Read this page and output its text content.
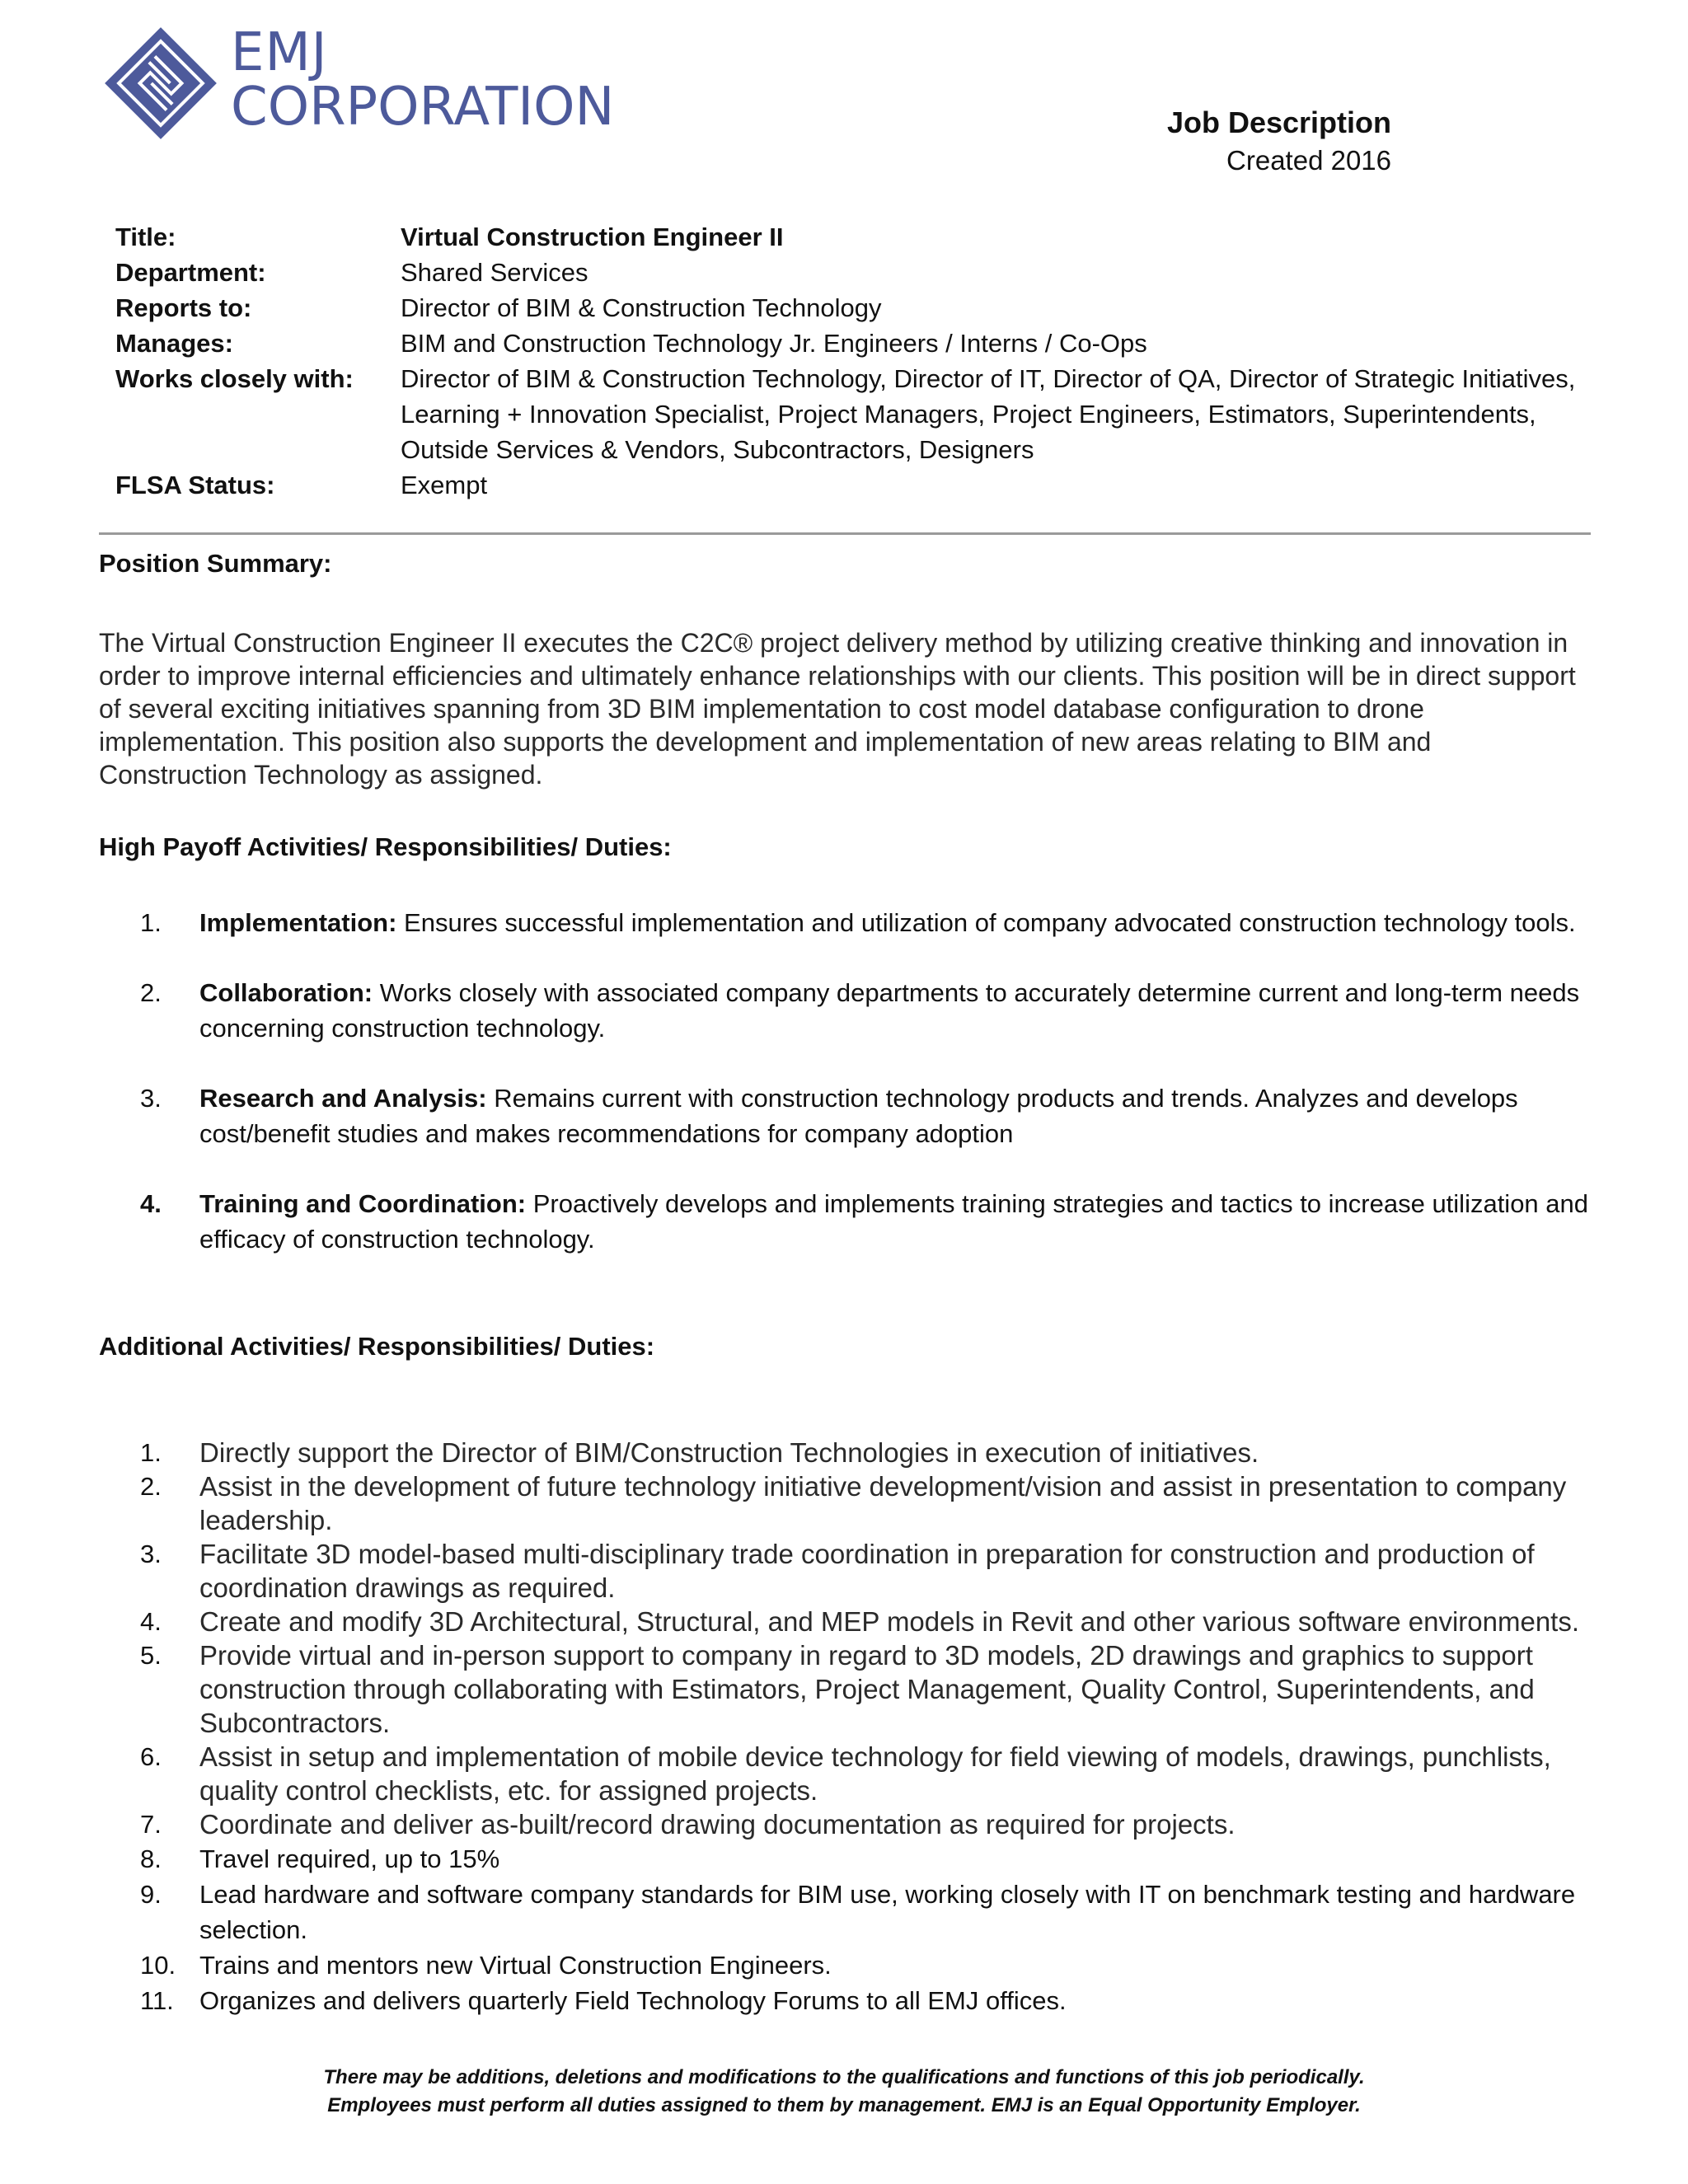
EMJ
CORPORATION	Job Description
Created 2016
Title:	Virtual Construction Engineer II
Department:	Shared Services
Reports to:	Director of BIM & Construction Technology
Manages:	BIM and Construction Technology Jr. Engineers / Interns / Co-Ops
Works closely with:	Director of BIM & Construction Technology, Director of IT, Director of QA, Director of Strategic Initiatives, Learning + Innovation Specialist, Project Managers, Project Engineers, Estimators, Superintendents, Outside Services & Vendors, Subcontractors, Designers
FLSA Status:	Exempt
Position Summary:
The Virtual Construction Engineer II executes the C2C® project delivery method by utilizing creative thinking and innovation in order to improve internal efficiencies and ultimately enhance relationships with our clients. This position will be in direct support of several exciting initiatives spanning from 3D BIM implementation to cost model database configuration to drone implementation. This position also supports the development and implementation of new areas relating to BIM and Construction Technology as assigned.
High Payoff Activities/ Responsibilities/ Duties:
1.	Implementation: Ensures successful implementation and utilization of company advocated construction technology tools.
2.	Collaboration: Works closely with associated company departments to accurately determine current and long-term needs concerning construction technology.
3.	Research and Analysis: Remains current with construction technology products and trends. Analyzes and develops cost/benefit studies and makes recommendations for company adoption
4.	Training and Coordination: Proactively develops and implements training strategies and tactics to increase utilization and efficacy of construction technology.
Additional Activities/ Responsibilities/ Duties:
1.	Directly support the Director of BIM/Construction Technologies in execution of initiatives.
2.	Assist in the development of future technology initiative development/vision and assist in presentation to company leadership.
3.	Facilitate 3D model-based multi-disciplinary trade coordination in preparation for construction and production of coordination drawings as required.
4.	Create and modify 3D Architectural, Structural, and MEP models in Revit and other various software environments.
5.	Provide virtual and in-person support to company in regard to 3D models, 2D drawings and graphics to support construction through collaborating with Estimators, Project Management, Quality Control, Superintendents, and Subcontractors.
6.	Assist in setup and implementation of mobile device technology for field viewing of models, drawings, punchlists, quality control checklists, etc. for assigned projects.
7.	Coordinate and deliver as-built/record drawing documentation as required for projects.
8.	Travel required, up to 15%
9.	Lead hardware and software company standards for BIM use, working closely with IT on benchmark testing and hardware selection.
10. Trains and mentors new Virtual Construction Engineers.
11.	Organizes and delivers quarterly Field Technology Forums to all EMJ offices.
There may be additions, deletions and modifications to the qualifications and functions of this job periodically.
Employees must perform all duties assigned to them by management. EMJ is an Equal Opportunity Employer.
